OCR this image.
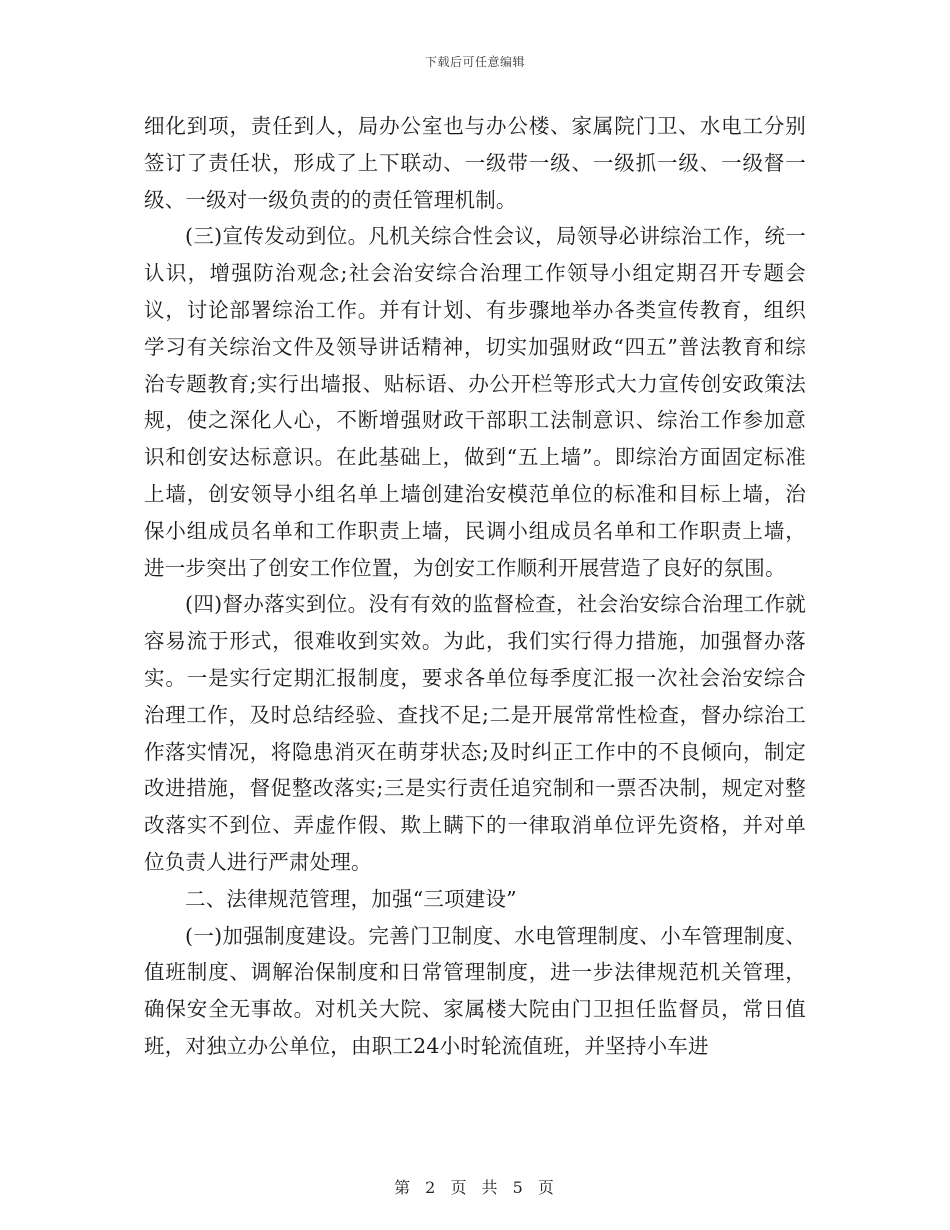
下载后可任意编辑

细化到项，责任到人，局办公室也与办公楼、家属院门卫、水电工分别签订了责任状，形成了上下联动、一级带一级、一级抓一级、一级督一级、一级对一级负责的的责任管理机制。

(三)宣传发动到位。凡机关综合性会议，局领导必讲综治工作，统一认识，增强防治观念;社会治安综合治理工作领导小组定期召开专题会议，讨论部署综治工作。并有计划、有步骤地举办各类宣传教育，组织学习有关综治文件及领导讲话精神，切实加强财政“四五”普法教育和综治专题教育;实行出墙报、贴标语、办公开栏等形式大力宣传创安政策法规，使之深化人心，不断增强财政干部职工法制意识、综治工作参加意识和创安达标意识。在此基础上，做到“五上墙”。即综治方面固定标准上墙，创安领导小组名单上墙创建治安模范单位的标准和目标上墙，治保小组成员名单和工作职责上墙，民调小组成员名单和工作职责上墙，进一步突出了创安工作位置，为创安工作顺利开展营造了良好的氛围。

(四)督办落实到位。没有有效的监督检查，社会治安综合治理工作就容易流于形式，很难收到实效。为此，我们实行得力措施，加强督办落实。一是实行定期汇报制度，要求各单位每季度汇报一次社会治安综合治理工作，及时总结经验、查找不足;二是开展常常性检查，督办综治工作落实情况，将隐患消灭在萌芽状态;及时纠正工作中的不良倾向，制定改进措施，督促整改落实;三是实行责任追究制和一票否决制，规定对整改落实不到位、弄虚作假、欺上瞒下的一律取消单位评先资格，并对单位负责人进行严肃处理。

二、法律规范管理，加强“三项建设”

(一)加强制度建设。完善门卫制度、水电管理制度、小车管理制度、值班制度、调解治保制度和日常管理制度，进一步法律规范机关管理，确保安全无事故。对机关大院、家属楼大院由门卫担任监督员，常日值班，对独立办公单位，由职工24小时轮流值班，并坚持小车进

第 2 页 共 5 页
